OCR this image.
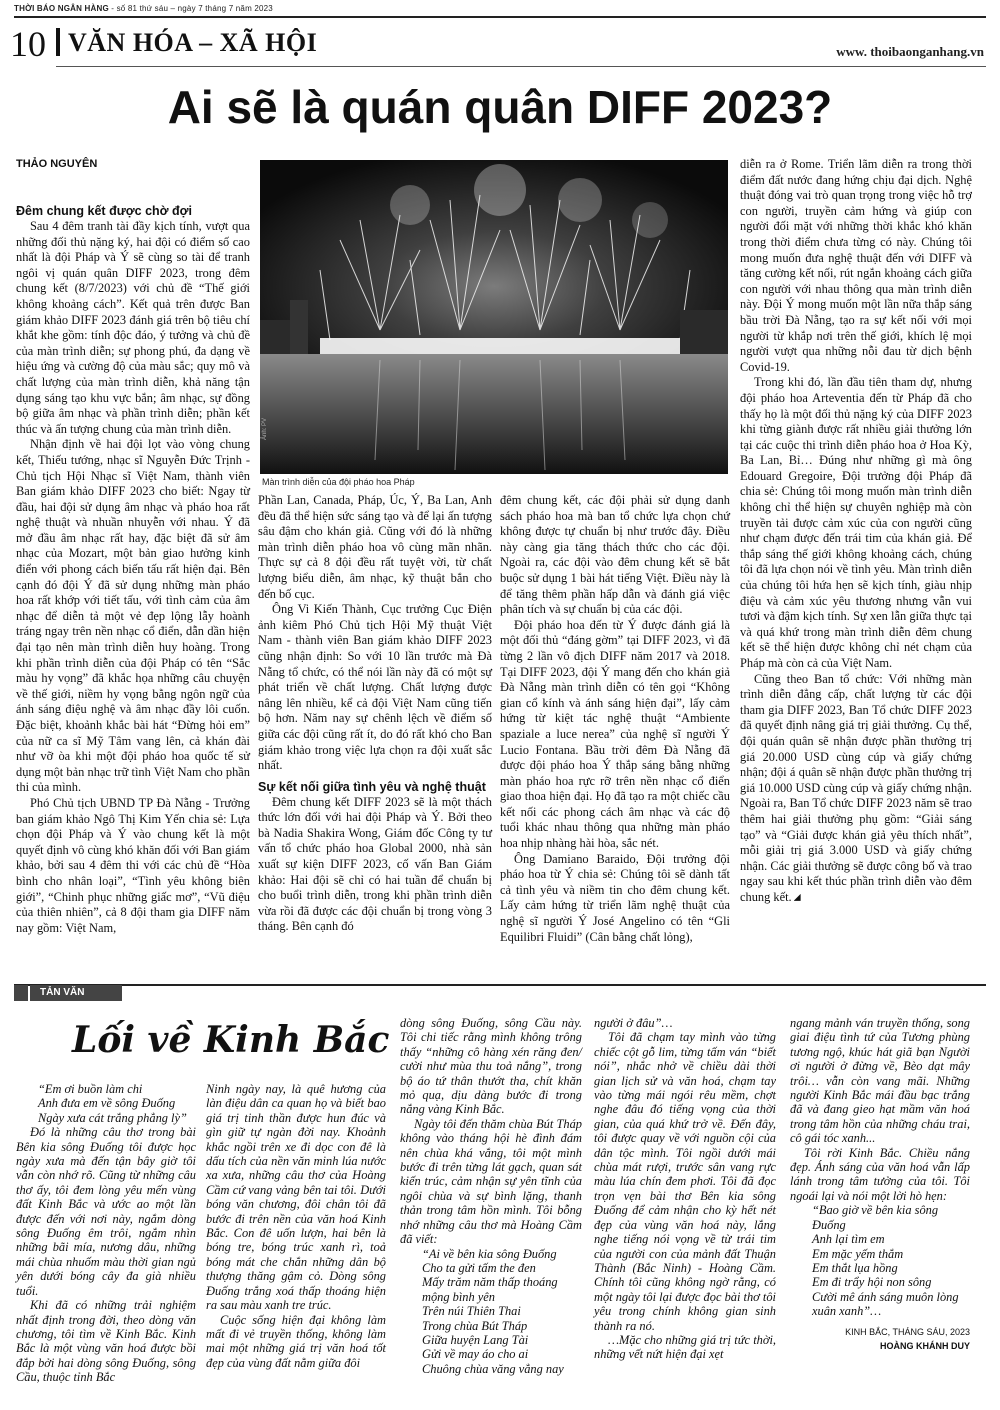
THỜI BÁO NGÂN HÀNG - số 81 thứ sáu – ngày 7 tháng 7 năm 2023
10 VĂN HÓA – XÃ HỘI	www. thoibaonganhang.vn
Ai sẽ là quán quân DIFF 2023?
THẢO NGUYÊN

Đêm chung kết được chờ đợi

Sau 4 đêm tranh tài đầy kịch tính, vượt qua những đối thủ nặng ký, hai đội có điểm số cao nhất là đội Pháp và Ý sẽ cùng so tài để tranh ngôi vị quán quân DIFF 2023, trong đêm chung kết (8/7/2023) với chủ đề “Thế giới không khoảng cách”. Kết quả trên được Ban giám khảo DIFF 2023 đánh giá trên bộ tiêu chí khắt khe gồm: tính độc đáo, ý tưởng và chủ đề của màn trình diễn; sự phong phú, đa dạng về hiệu ứng và cường độ của màu sắc; quy mô và chất lượng của màn trình diễn, khả năng tận dụng sáng tạo khu vực bắn; âm nhạc, sự đồng bộ giữa âm nhạc và phần trình diễn; phần kết thúc và ấn tượng chung của màn trình diễn.

Nhận định về hai đội lọt vào vòng chung kết, Thiếu tướng, nhạc sĩ Nguyễn Đức Trịnh - Chủ tịch Hội Nhạc sĩ Việt Nam, thành viên Ban giám khảo DIFF 2023 cho biết: Ngay từ đầu, hai đội sử dụng âm nhạc và pháo hoa rất nghệ thuật và nhuần nhuyễn với nhau. Ý đã mở đầu âm nhạc rất hay, đặc biệt đã sử âm nhạc của Mozart, một bản giao hưởng kinh điển với phong cách biến tấu rất hiện đại. Bên cạnh đó đội Ý đã sử dụng những màn pháo hoa rất khớp với tiết tấu, với tình cảm của âm nhạc để diễn tả một vẻ đẹp lộng lẫy hoành tráng ngay trên nền nhạc cổ điển, dẫn dần hiện đại tạo nên màn trình diễn huy hoàng. Trong khi phần trình diễn của đội Pháp có tên “Sắc màu hy vọng” đã khắc họa những câu chuyện về thế giới, niềm hy vọng bằng ngôn ngữ của ánh sáng điệu nghệ và âm nhạc đầy lôi cuốn. Đặc biệt, khoảnh khắc bài hát “Đừng hỏi em” của nữ ca sĩ Mỹ Tâm vang lên, cả khán đài như vỡ òa khi một đội pháo hoa quốc tế sử dụng một bản nhạc trữ tình Việt Nam cho phần thi của mình.

Phó Chủ tịch UBND TP Đà Nẵng - Trưởng ban giám khảo Ngô Thị Kim Yến chia sẻ: Lựa chọn đội Pháp và Ý vào chung kết là một quyết định vô cùng khó khăn đối với Ban giám khảo, bởi sau 4 đêm thi với các chủ đề “Hòa bình cho nhân loại”, “Tình yêu không biên giới”, “Chinh phục những giấc mơ”, “Vũ điệu của thiên nhiên”, cả 8 đội tham gia DIFF năm nay gồm: Việt Nam,

Ảnh: PV
Màn trình diễn của đội pháo hoa Pháp

Phần Lan, Canada, Pháp, Úc, Ý, Ba Lan, Anh đều đã thể hiện sức sáng tạo và để lại ấn tượng sâu đậm cho khán giả. Cũng với đó là những màn trình diễn pháo hoa vô cùng mãn nhãn. Thực sự cả 8 đội đều rất tuyệt vời, từ chất lượng biểu diễn, âm nhạc, kỹ thuật bắn cho đến bố cục.

Ông Vi Kiến Thành, Cục trưởng Cục Điện ảnh kiêm Phó Chủ tịch Hội Mỹ thuật Việt Nam - thành viên Ban giám khảo DIFF 2023 cũng nhận định: So với 10 lần trước mà Đà Nẵng tổ chức, có thể nói lần này đã có một sự phát triển về chất lượng. Chất lượng được nâng lên nhiều, kể cả đội Việt Nam cũng tiến bộ hơn. Năm nay sự chênh lệch về điểm số giữa các đội cũng rất ít, do đó rất khó cho Ban giám khảo trong việc lựa chọn ra đội xuất sắc nhất.

Sự kết nối giữa tình yêu và nghệ thuật

Đêm chung kết DIFF 2023 sẽ là một thách thức lớn đối với hai đội Pháp và Ý. Bởi theo bà Nadia Shakira Wong, Giám đốc Công ty tư vấn tổ chức pháo hoa Global 2000, nhà sản xuất sự kiện DIFF 2023, cố vấn Ban Giám khảo: Hai đội sẽ chỉ có hai tuần để chuẩn bị cho buổi trình diễn, trong khi phần trình diễn vừa rồi đã được các đội chuẩn bị trong vòng 3 tháng. Bên cạnh đó

đêm chung kết, các đội phải sử dụng danh sách pháo hoa mà ban tổ chức lựa chọn chứ không được tự chuẩn bị như trước đây. Điều này càng gia tăng thách thức cho các đội. Ngoài ra, các đội vào đêm chung kết sẽ bắt buộc sử dụng 1 bài hát tiếng Việt. Điều này là để tăng thêm phần hấp dẫn và đánh giá việc phân tích và sự chuẩn bị của các đội.

Đội pháo hoa đến từ Ý được đánh giá là một đối thủ “đáng gờm” tại DIFF 2023, vì đã từng 2 lần vô địch DIFF năm 2017 và 2018. Tại DIFF 2023, đội Ý mang đến cho khán giả Đà Nẵng màn trình diễn có tên gọi “Không gian cổ kính và ánh sáng hiện đại”, lấy cảm hứng từ kiệt tác nghệ thuật “Ambiente spaziale a luce nerea” của nghệ sĩ người Ý Lucio Fontana. Bầu trời đêm Đà Nẵng đã được đội pháo hoa Ý thắp sáng bằng những màn pháo hoa rực rỡ trên nền nhạc cổ điển giao thoa hiện đại. Họ đã tạo ra một chiếc cầu kết nối các phong cách âm nhạc và các độ tuổi khác nhau thông qua những màn pháo hoa nhịp nhàng hài hòa, sắc nét.

Ông Damiano Baraido, Đội trưởng đội pháo hoa từ Ý chia sẻ: Chúng tôi sẽ dành tất cả tình yêu và niềm tin cho đêm chung kết. Lấy cảm hứng từ triển lãm nghệ thuật của nghệ sĩ người Ý José Angelino có tên “Gli Equilibri Fluidi” (Cân bằng chất lỏng),

diễn ra ở Rome. Triển lãm diễn ra trong thời điểm đất nước đang hứng chịu đại dịch. Nghệ thuật đóng vai trò quan trọng trong việc hỗ trợ con người, truyền cảm hứng và giúp con người đối mặt với những thời khắc khó khăn trong thời điểm chưa từng có này. Chúng tôi mong muốn đưa nghệ thuật đến với DIFF và tăng cường kết nối, rút ngắn khoảng cách giữa con người với nhau thông qua màn trình diễn này. Đội Ý mong muốn một lần nữa thắp sáng bầu trời Đà Nẵng, tạo ra sự kết nối với mọi người từ khắp nơi trên thế giới, khích lệ mọi người vượt qua những nỗi đau từ dịch bệnh Covid-19.

Trong khi đó, lần đầu tiên tham dự, nhưng đội pháo hoa Arteventia đến từ Pháp đã cho thấy họ là một đối thủ nặng ký của DIFF 2023 khi từng giành được rất nhiều giải thưởng lớn tại các cuộc thi trình diễn pháo hoa ở Hoa Kỳ, Ba Lan, Bỉ… Đúng như những gì mà ông Edouard Gregoire, Đội trưởng đội Pháp đã chia sẻ: Chúng tôi mong muốn màn trình diễn không chỉ thể hiện sự chuyên nghiệp mà còn truyền tải được cảm xúc của con người cũng như chạm được đến trái tim của khán giả. Để thắp sáng thế giới không khoảng cách, chúng tôi đã lựa chọn nói về tình yêu. Màn trình diễn của chúng tôi hứa hẹn sẽ kịch tính, giàu nhịp điệu và cảm xúc yêu thương nhưng vẫn vui tươi và đậm kịch tính. Sự xen lẫn giữa thực tại và quá khứ trong màn trình diễn đêm chung kết sẽ thể hiện được không chỉ nét chạm của Pháp mà còn cả của Việt Nam.

Cũng theo Ban tổ chức: Với những màn trình diễn đẳng cấp, chất lượng từ các đội tham gia DIFF 2023, Ban Tổ chức DIFF 2023 đã quyết định nâng giá trị giải thưởng. Cụ thể, đội quán quân sẽ nhận được phần thưởng trị giá 20.000 USD cùng cúp và giấy chứng nhận; đội á quân sẽ nhận được phần thưởng trị giá 10.000 USD cùng cúp và giấy chứng nhận. Ngoài ra, Ban Tổ chức DIFF 2023 năm sẽ trao thêm hai giải thưởng phụ gồm: “Giải sáng tạo” và “Giải được khán giả yêu thích nhất”, mỗi giải trị giá 3.000 USD và giấy chứng nhận. Các giải thưởng sẽ được công bố và trao ngay sau khi kết thúc phần trình diễn vào đêm chung kết.

TẢN VĂN
Lối về Kinh Bắc

“Em ơi buồn làm chi

Anh đưa em về sông Đuống

Ngày xưa cát trắng phẳng lỳ”

Đó là những câu thơ trong bài Bên kia sông Đuống tôi được học ngày xưa mà đến tận bây giờ tôi vẫn còn nhớ rõ. Cũng từ những câu thơ ấy, tôi đem lòng yêu mến vùng đất Kinh Bắc và ước ao một lần được đến với nơi này, ngắm dòng sông Đuống êm trôi, ngắm nhìn những bãi mía, nương dâu, những mái chùa nhuốm màu thời gian ngủ yên dưới bóng cây đa già nhiều tuổi.

Khi đã có những trải nghiệm nhất định trong đời, theo dòng văn chương, tôi tìm về Kinh Bắc. Kinh Bắc là một vùng văn hoá được bồi đắp bởi hai dòng sông Đuống, sông Cầu, thuộc tỉnh Bắc

Ninh ngày nay, là quê hương của làn điệu dân ca quan họ và biết bao giá trị tinh thần được hun đúc và gìn giữ tự ngàn đời nay. Khoảnh khắc ngồi trên xe đi dọc con đê là dấu tích của nền văn minh lúa nước xa xưa, những câu thơ của Hoàng Cầm cứ vang vảng bên tai tôi. Dưới bóng văn chương, đôi chân tôi đã bước đi trên nền của văn hoá Kinh Bắc. Con đê uốn lượn, hai bên là bóng tre, bóng trúc xanh rì, toả bóng mát che chắn những dân bộ thượng thăng gậm cỏ. Dòng sông Đuống trắng xoá thấp thoáng hiện ra sau màu xanh tre trúc.

Cuộc sống hiện đại không làm mất đi vẻ truyền thống, không làm mai một những giá trị văn hoá tốt đẹp của vùng đất nằm giữa đôi

dòng sông Đuống, sông Cầu này. Tôi chi tiếc rằng mình không trông thấy “những cô hàng xén răng đen/ cười như mùa thu toả nắng”, trong bộ áo tứ thân thướt tha, chít khăn mỏ quạ, dịu dàng bước đi trong nắng vàng Kinh Bắc.

Ngày tôi đến thăm chùa Bút Tháp không vào tháng hội hè đình đám nên chùa khá vắng, tôi một mình bước đi trên từng lát gạch, quan sát kiến trúc, cảm nhận sự yên tĩnh của ngôi chùa và sự bình lặng, thanh thản trong tâm hồn mình. Tôi bỗng nhớ những câu thơ mà Hoàng Cầm đã viết:

“Ai về bên kia sông Đuống

Cho ta gửi tấm the đen

Mấy trăm năm thấp thoáng mộng bình yên

Trên núi Thiên Thai

Trong chùa Bút Tháp

Giữa huyện Lang Tài

Gửi về may áo cho ai

Chuông chùa văng vẳng nay

người ở đâu”…

Tôi đã chạm tay mình vào từng chiếc cột gỗ lim, từng tấm ván “biết nói”, nhắc nhở về chiều dài thời gian lịch sử và văn hoá, chạm tay vào từng mái ngói rêu mềm, chợt nghe đâu đó tiếng vọng của thời gian, của quá khứ trở về. Đến đây, tôi được quay về với nguồn cội của dân tộc mình. Tôi ngồi dưới mái chùa mát rượi, trước sân vang rực màu lúa chín đem phơi. Tôi đã đọc trọn vẹn bài thơ Bên kia sông Đuống để cảm nhận cho kỳ hết nét đẹp của vùng văn hoá này, lắng nghe tiếng nói vọng về từ trái tim của người con của mảnh đất Thuận Thành (Bắc Ninh) - Hoàng Cầm. Chính tôi cũng không ngờ rằng, có một ngày tôi lại được đọc bài thơ tôi yêu trong chính không gian sinh thành ra nó.

…Mặc cho những giá trị tức thời, những vết nứt hiện đại xẹt

ngang mảnh ván truyền thống, song giai điệu tình tứ của Tương phùng tương ngộ, khúc hát giã bạn Người ơi người ở đừng về, Bèo dạt mây trôi… vẫn còn vang mãi. Những người Kinh Bắc mái đầu bạc trắng đã và đang gieo hạt mầm văn hoá trong tâm hồn của những cháu trai, cô gái tóc xanh...

Tôi rời Kinh Bắc. Chiều nắng đẹp. Ánh sáng của văn hoá vẫn lấp lánh trong tâm tưởng của tôi. Tôi ngoái lại và nói một lời hò hẹn:

“Bao giờ về bên kia sông Đuống

Anh lại tìm em

Em mặc yếm thắm

Em thắt lụa hồng

Em đi trẩy hội non sông

Cười mê ánh sáng muôn lòng xuân xanh”…

KINH BẮC, THÁNG SÁU, 2023

HOÀNG KHÁNH DUY
